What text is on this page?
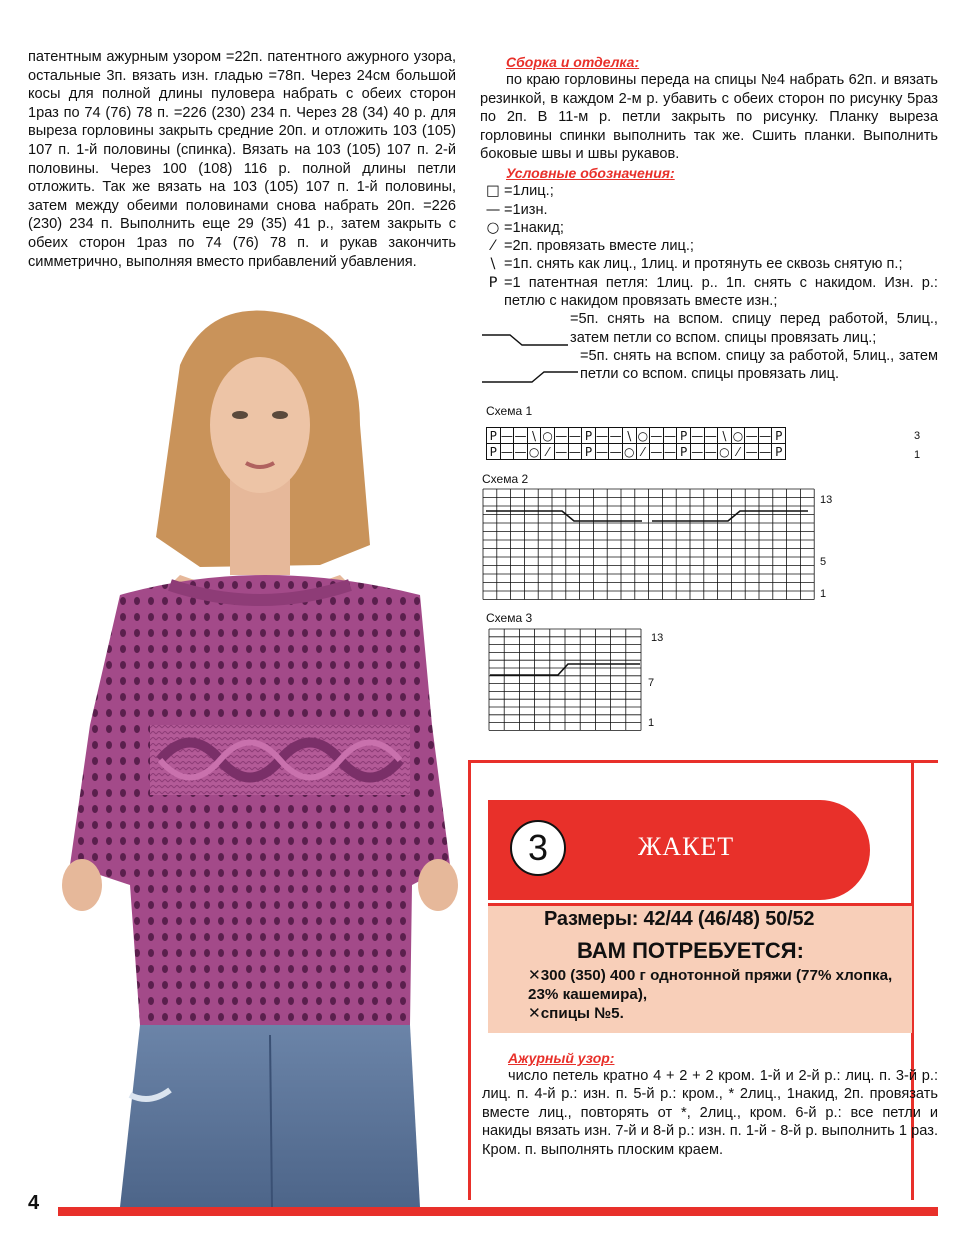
патентным ажурным узором =22п. патентного ажурного узора, остальные 3п. вязать изн. гладью =78п. Через 24см большой косы для полной длины пуловера набрать с обеих сторон 1раз по 74 (76) 78 п. =226 (230) 234 п. Через 28 (34) 40 р. для выреза горловины закрыть средние 20п. и отложить 103 (105) 107 п. 1-й половины (спинка). Вязать на 103 (105) 107 п. 2-й половины. Через 100 (108) 116 р. полной длины петли отложить. Так же вязать на 103 (105) 107 п. 1-й половины, затем между обеими половинами снова набрать 20п. =226 (230) 234 п. Выполнить еще 29 (35) 41 р., затем закрыть с обеих сторон 1раз по 74 (76) 78 п. и рукав закончить симметрично, выполняя вместо прибавлений убавления.

Сборка и отделка:

по краю горловины переда на спицы №4 набрать 62п. и вязать резинкой, в каждом 2-м р. убавить с обеих сторон по рисунку 5раз по 2п. В 11-м р. петли закрыть по рисунку. Планку выреза горловины спинки выполнить так же. Сшить планки. Выполнить боковые швы и швы рукавов.

Условные обозначения:
□ =1лиц.;
— =1изн.
○ =1накид;
⁄ =2п. провязать вместе лиц.;
\ =1п. снять как лиц., 1лиц. и протянуть ее сквозь снятую п.;
Р =1 патентная петля: 1лиц. р.. 1п. снять с накидом. Изн. р.: петлю с накидом провязать вместе изн.;
=5п. снять на вспом. спицу перед работой, 5лиц., затем петли со вспом. спицы провязать лиц.;
=5п. снять на вспом. спицу за работой, 5лиц., затем петли со вспом. спицы провязать лиц.
Схема 1
Р	—	—	\	○	—	—	Р	—	—	\	○	—	—	Р	—	—	\	○	—	—	Р
Р	—	—	○	⁄	—	—	Р	—	—	○	⁄	—	—	Р	—	—	○	⁄	—	—	Р
3
1
Схема 2
13
5
1
Схема 3
13
7
1
3	ЖАКЕТ
Размеры: 42/44 (46/48) 50/52
ВАМ ПОТРЕБУЕТСЯ:
✕300 (350) 400 г однотонной пряжи (77% хлопка, 23% кашемира),
✕спицы №5.
Ажурный узор:

число петель кратно 4 + 2 + 2 кром. 1-й и 2-й р.: лиц. п. 3-й р.: лиц. п. 4-й р.: изн. п. 5-й р.: кром., * 2лиц., 1накид, 2п. провязать вместе лиц., повторять от *, 2лиц., кром. 6-й р.: все петли и накиды вязать изн. 7-й и 8-й р.: изн. п. 1-й - 8-й р. выполнить 1 раз. Кром. п. выполнять плоским краем.

4
